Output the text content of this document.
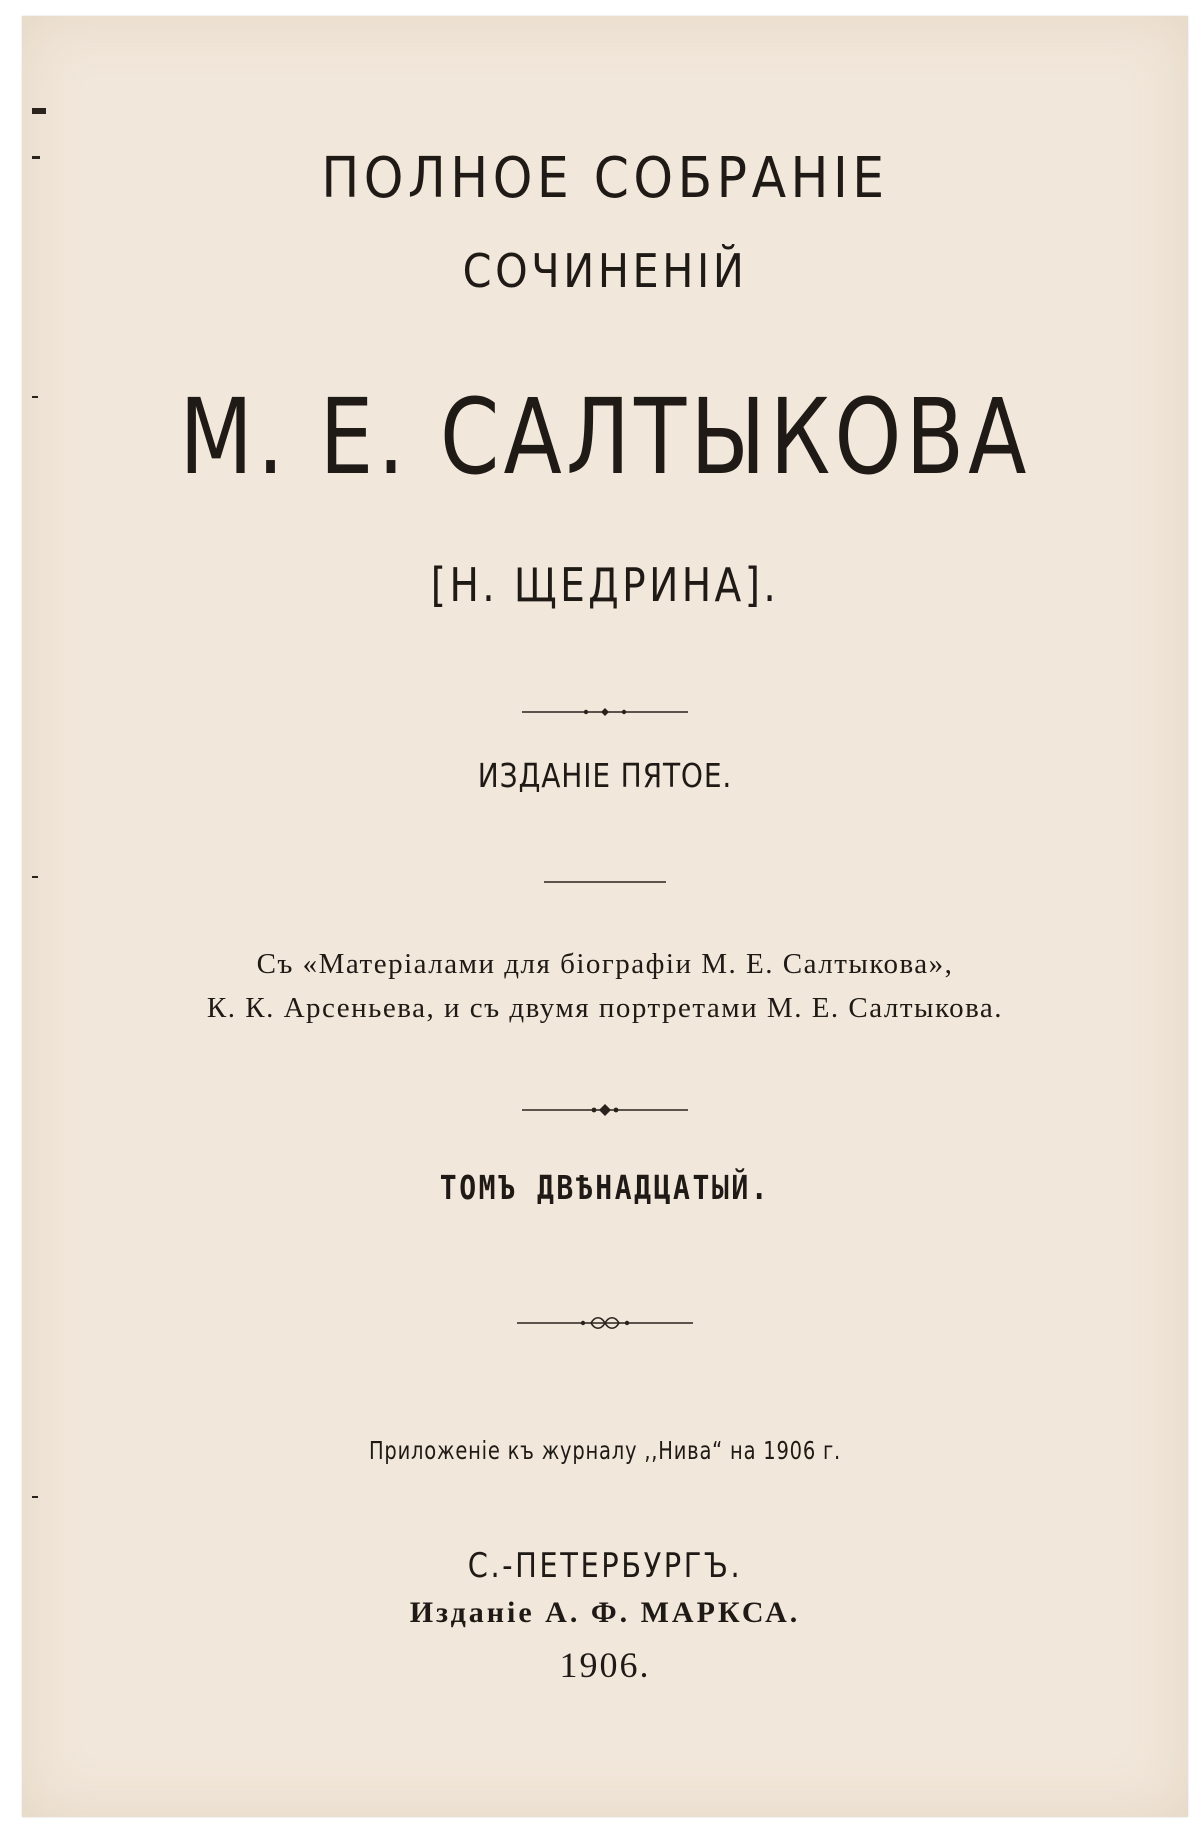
ПОЛНОЕ СОБРАНІЕ
СОЧИНЕНІЙ
М. Е. САЛТЫКОВА
[Н. ЩЕДРИНА].
ИЗДАНІЕ ПЯТОЕ.
Съ «Матеріалами для біографіи М. Е. Салтыкова»,
К. К. Арсеньева, и съ двумя портретами М. Е. Салтыкова.
ТОМЪ ДВѢНАДЦАТЫЙ.
Приложеніе къ журналу ,,Нива“ на 1906 г.
С.-ПЕТЕРБУРГЪ.
Изданіе А. Ф. МАРКСА.
1906.
